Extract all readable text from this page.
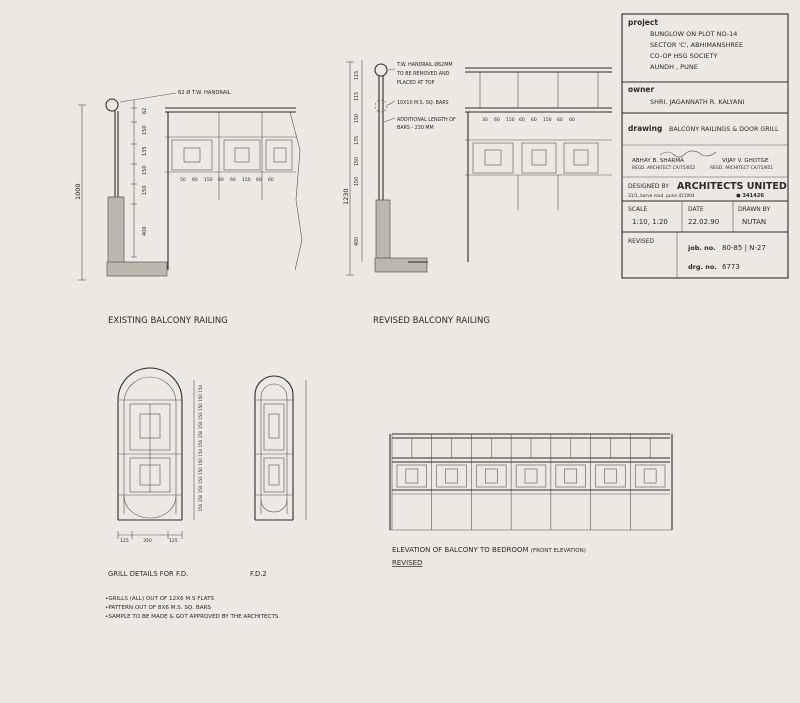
project
BUNGLOW ON PLOT NO-14
SECTOR 'C', ABHIMANSHREE
CO-OP HSG SOCIETY
AUNDH , PUNE
owner
SHRI. JAGANNATH R. KALYANI
drawing BALCONY RAILINGS & DOOR GRILL
ABHAY B. SHARMA
REGD. ARCHITECT CA/75/852
VIJAY V. GHOTGE
REGD. ARCHITECT CA/75/851
DESIGNED BY ARCHITECTS UNITED
31/1, karve road, pune 411004	● 341426
SCALE
1:10, 1:20
DATE
22.02.90
DRAWN BY
NUTAN
REVISED
job. no. 80-85 | N-27
drg. no. 6773
1000
62
150
135
150
150
400
62 Ø T.W. HANDRAIL
50 60 150 60 60 150 60 60
EXISTING BALCONY RAILING
1230
115
115
150
135
150
150
400
T.W. HANDRAIL Ø62MM TO BE REMOVED AND PLACED AT TOP
10X10 M.S. SQ. BARS
ADDITIONAL LENGTH OF BARS - 230 MM
30 60 150 60 60 150 60 60
REVISED BALCONY RAILING
125	350	125
150
150
150
150
150
150
150
150
150
150
150
150
150
150
GRILL DETAILS FOR F.D.	F.D.2
•GRILLS (ALL) OUT OF 12X6 M.S FLATS
•PATTERN OUT OF 8X6 M.S. SQ. BARS
•SAMPLE TO BE MADE & GOT APPROVED BY THE ARCHITECTS
ELEVATION OF BALCONY TO BEDROOM (FRONT ELEVATION)
REVISED
